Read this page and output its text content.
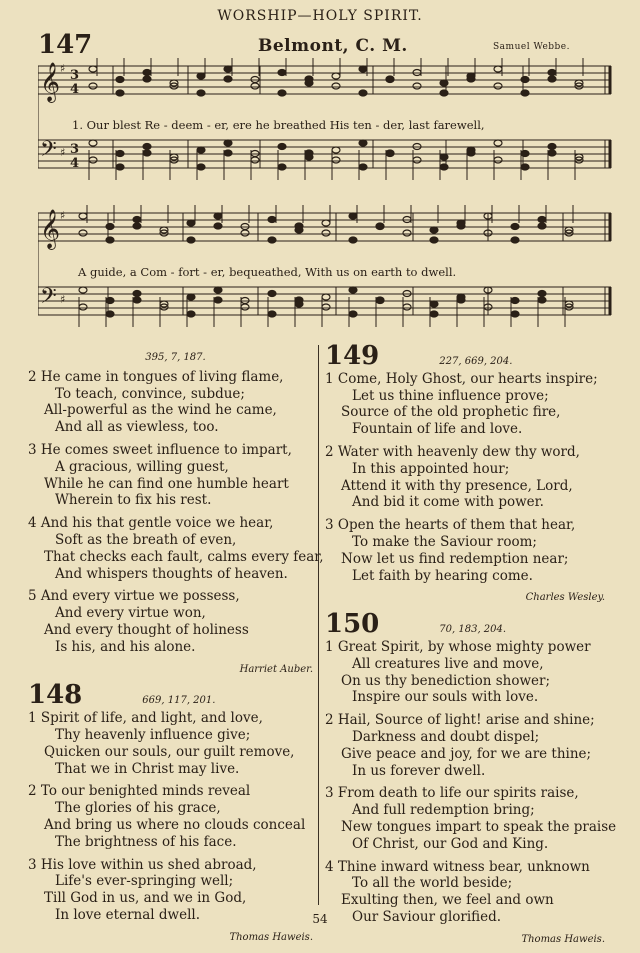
WORSHIP—HOLY SPIRIT.
147	Belmont, C. M.	Samuel Webbe.
𝄞 ♯ 3
4
𝄢 ♯ 3
4
1. Our blest Re - deem - er, ere he breathed His ten - der, last farewell,
𝄞 ♯
𝄢 ♯
A guide, a Com - fort - er, bequeathed, With us on earth to dwell.
395, 7, 187.
2 He came in tongues of living flame,
To teach, convince, subdue;
All-powerful as the wind he came,
And all as viewless, too.
3 He comes sweet influence to impart,
A gracious, willing guest,
While he can find one humble heart
Wherein to fix his rest.
4 And his that gentle voice we hear,
Soft as the breath of even,
That checks each fault, calms every fear,
And whispers thoughts of heaven.
5 And every virtue we possess,
And every virtue won,
And every thought of holiness
Is his, and his alone.
Harriet Auber.
148	669, 117, 201.
1 Spirit of life, and light, and love,
Thy heavenly influence give;
Quicken our souls, our guilt remove,
That we in Christ may live.
2 To our benighted minds reveal
The glories of his grace,
And bring us where no clouds conceal
The brightness of his face.
3 His love within us shed abroad,
Life's ever-springing well;
Till God in us, and we in God,
In love eternal dwell.
Thomas Haweis.
149	227, 669, 204.
1 Come, Holy Ghost, our hearts inspire;
Let us thine influence prove;
Source of the old prophetic fire,
Fountain of life and love.
2 Water with heavenly dew thy word,
In this appointed hour;
Attend it with thy presence, Lord,
And bid it come with power.
3 Open the hearts of them that hear,
To make the Saviour room;
Now let us find redemption near;
Let faith by hearing come.
Charles Wesley.
150	70, 183, 204.
1 Great Spirit, by whose mighty power
All creatures live and move,
On us thy benediction shower;
Inspire our souls with love.
2 Hail, Source of light! arise and shine;
Darkness and doubt dispel;
Give peace and joy, for we are thine;
In us forever dwell.
3 From death to life our spirits raise,
And full redemption bring;
New tongues impart to speak the praise
Of Christ, our God and King.
4 Thine inward witness bear, unknown
To all the world beside;
Exulting then, we feel and own
Our Saviour glorified.
Thomas Haweis.
54
